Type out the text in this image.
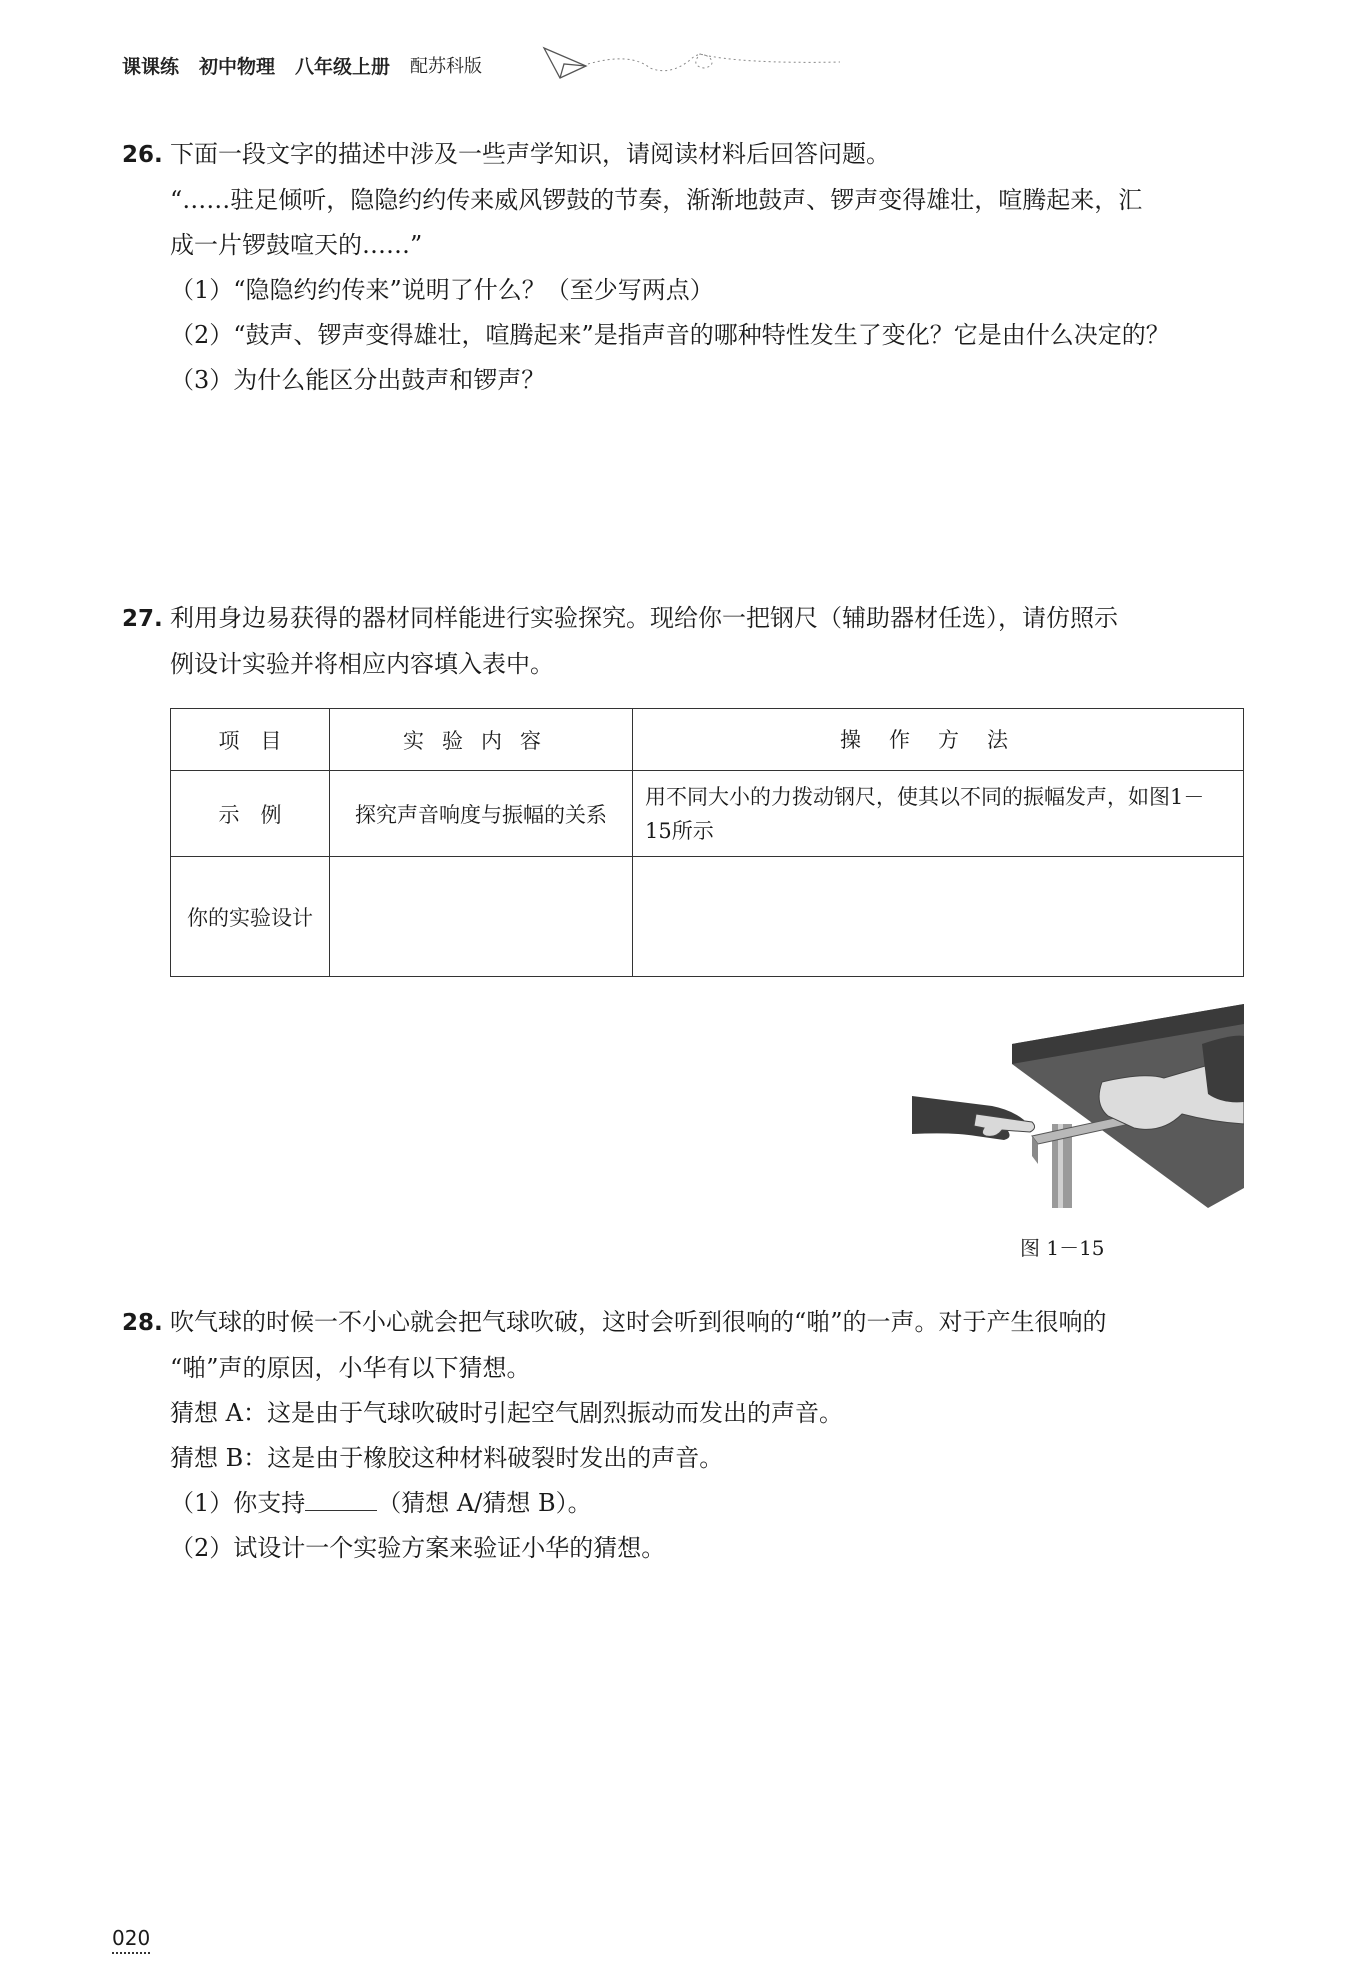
课课练 初中物理 八年级上册 配苏科版
26. 下面一段文字的描述中涉及一些声学知识，请阅读材料后回答问题。
“……驻足倾听，隐隐约约传来威风锣鼓的节奏，渐渐地鼓声、锣声变得雄壮，喧腾起来，汇
成一片锣鼓喧天的……”
（1）“隐隐约约传来”说明了什么？（至少写两点）
（2）“鼓声、锣声变得雄壮，喧腾起来”是指声音的哪种特性发生了变化？它是由什么决定的？
（3）为什么能区分出鼓声和锣声？
27. 利用身边易获得的器材同样能进行实验探究。现给你一把钢尺（辅助器材任选），请仿照示
例设计实验并将相应内容填入表中。
项　目	实验内容	操作方法
示　例	探究声音响度与振幅的关系	用不同大小的力拨动钢尺，使其以不同的振幅发声，如图1－15所示
你的实验设计		
图 1－15
28. 吹气球的时候一不小心就会把气球吹破，这时会听到很响的“啪”的一声。对于产生很响的
“啪”声的原因，小华有以下猜想。
猜想 A：这是由于气球吹破时引起空气剧烈振动而发出的声音。
猜想 B：这是由于橡胶这种材料破裂时发出的声音。
（1）你支持	（猜想 A/猜想 B）。
（2）试设计一个实验方案来验证小华的猜想。
020
